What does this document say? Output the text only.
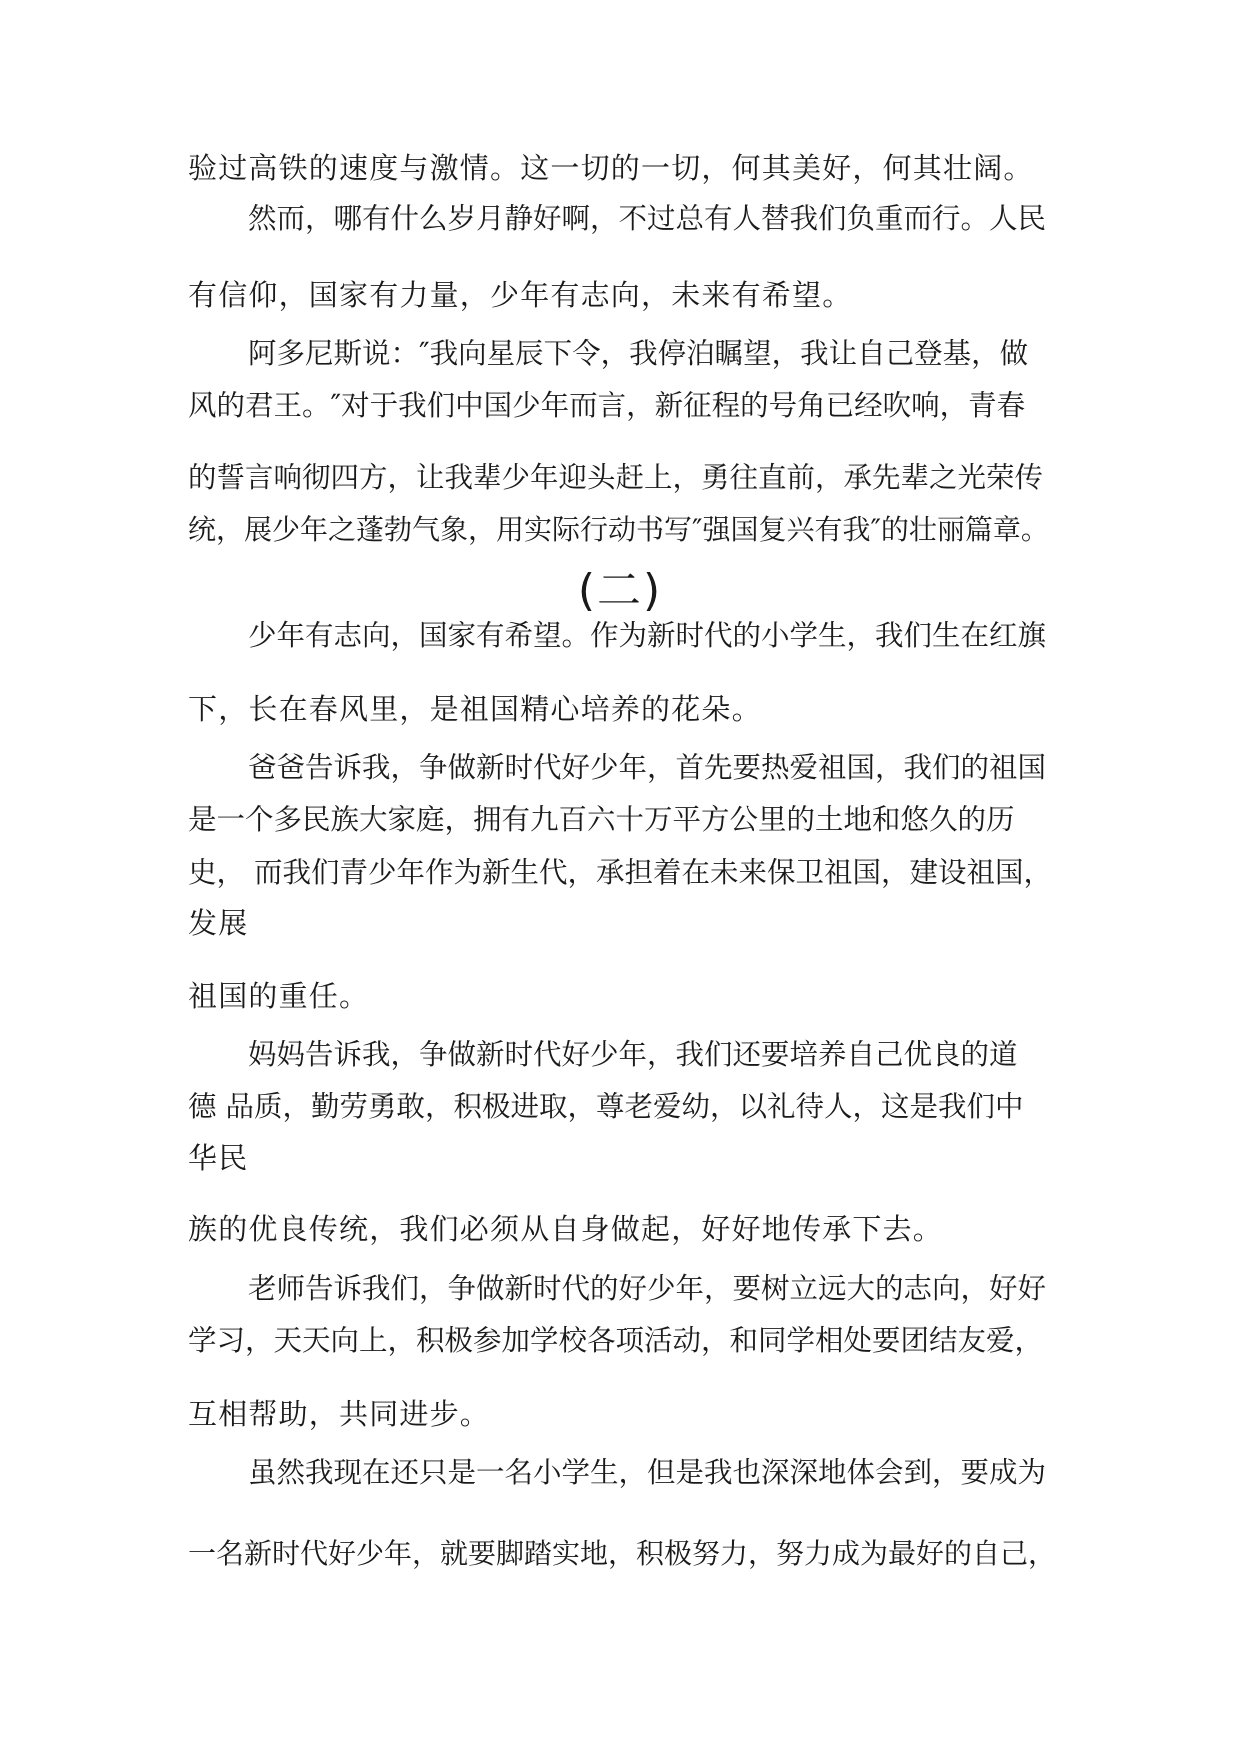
验过高铁的速度与激情。这一切的一切，何其美好，何其壮阔。
然而，哪有什么岁月静好啊，不过总有人替我们负重而行。人民
有信仰，国家有力量，少年有志向，未来有希望。
阿多尼斯说：″我向星辰下令，我停泊瞩望，我让自己登基，做
风的君王。″对于我们中国少年而言，新征程的号角已经吹响，青春
的誓言响彻四方，让我辈少年迎头赶上，勇往直前，承先辈之光荣传
统，展少年之蓬勃气象，用实际行动书写″强国复兴有我″的壮丽篇章。
(二)
少年有志向，国家有希望。作为新时代的小学生，我们生在红旗
下，长在春风里，是祖国精心培养的花朵。
爸爸告诉我，争做新时代好少年，首先要热爱祖国，我们的祖国
是一个多民族大家庭，拥有九百六十万平方公里的土地和悠久的历
史， 而我们青少年作为新生代，承担着在未来保卫祖国，建设祖国，
发展
祖国的重任。
妈妈告诉我，争做新时代好少年，我们还要培养自己优良的道
德 品质，勤劳勇敢，积极进取，尊老爱幼，以礼待人，这是我们中
华民
族的优良传统，我们必须从自身做起，好好地传承下去。
老师告诉我们，争做新时代的好少年，要树立远大的志向，好好
学习，天天向上，积极参加学校各项活动，和同学相处要团结友爱，
互相帮助，共同进步。
虽然我现在还只是一名小学生，但是我也深深地体会到，要成为
一名新时代好少年，就要脚踏实地，积极努力，努力成为最好的自己，
